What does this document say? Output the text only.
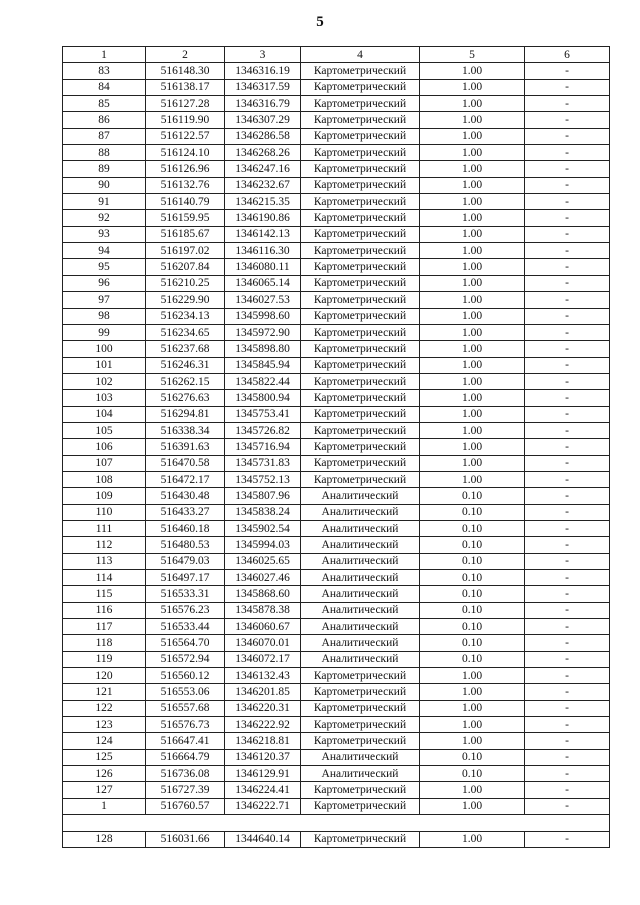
5
1	2	3	4	5	6
83	516148.30	1346316.19	Картометрический	1.00	-
84	516138.17	1346317.59	Картометрический	1.00	-
85	516127.28	1346316.79	Картометрический	1.00	-
86	516119.90	1346307.29	Картометрический	1.00	-
87	516122.57	1346286.58	Картометрический	1.00	-
88	516124.10	1346268.26	Картометрический	1.00	-
89	516126.96	1346247.16	Картометрический	1.00	-
90	516132.76	1346232.67	Картометрический	1.00	-
91	516140.79	1346215.35	Картометрический	1.00	-
92	516159.95	1346190.86	Картометрический	1.00	-
93	516185.67	1346142.13	Картометрический	1.00	-
94	516197.02	1346116.30	Картометрический	1.00	-
95	516207.84	1346080.11	Картометрический	1.00	-
96	516210.25	1346065.14	Картометрический	1.00	-
97	516229.90	1346027.53	Картометрический	1.00	-
98	516234.13	1345998.60	Картометрический	1.00	-
99	516234.65	1345972.90	Картометрический	1.00	-
100	516237.68	1345898.80	Картометрический	1.00	-
101	516246.31	1345845.94	Картометрический	1.00	-
102	516262.15	1345822.44	Картометрический	1.00	-
103	516276.63	1345800.94	Картометрический	1.00	-
104	516294.81	1345753.41	Картометрический	1.00	-
105	516338.34	1345726.82	Картометрический	1.00	-
106	516391.63	1345716.94	Картометрический	1.00	-
107	516470.58	1345731.83	Картометрический	1.00	-
108	516472.17	1345752.13	Картометрический	1.00	-
109	516430.48	1345807.96	Аналитический	0.10	-
110	516433.27	1345838.24	Аналитический	0.10	-
111	516460.18	1345902.54	Аналитический	0.10	-
112	516480.53	1345994.03	Аналитический	0.10	-
113	516479.03	1346025.65	Аналитический	0.10	-
114	516497.17	1346027.46	Аналитический	0.10	-
115	516533.31	1345868.60	Аналитический	0.10	-
116	516576.23	1345878.38	Аналитический	0.10	-
117	516533.44	1346060.67	Аналитический	0.10	-
118	516564.70	1346070.01	Аналитический	0.10	-
119	516572.94	1346072.17	Аналитический	0.10	-
120	516560.12	1346132.43	Картометрический	1.00	-
121	516553.06	1346201.85	Картометрический	1.00	-
122	516557.68	1346220.31	Картометрический	1.00	-
123	516576.73	1346222.92	Картометрический	1.00	-
124	516647.41	1346218.81	Картометрический	1.00	-
125	516664.79	1346120.37	Аналитический	0.10	-
126	516736.08	1346129.91	Аналитический	0.10	-
127	516727.39	1346224.41	Картометрический	1.00	-
1	516760.57	1346222.71	Картометрический	1.00	-

128	516031.66	1344640.14	Картометрический	1.00	-
